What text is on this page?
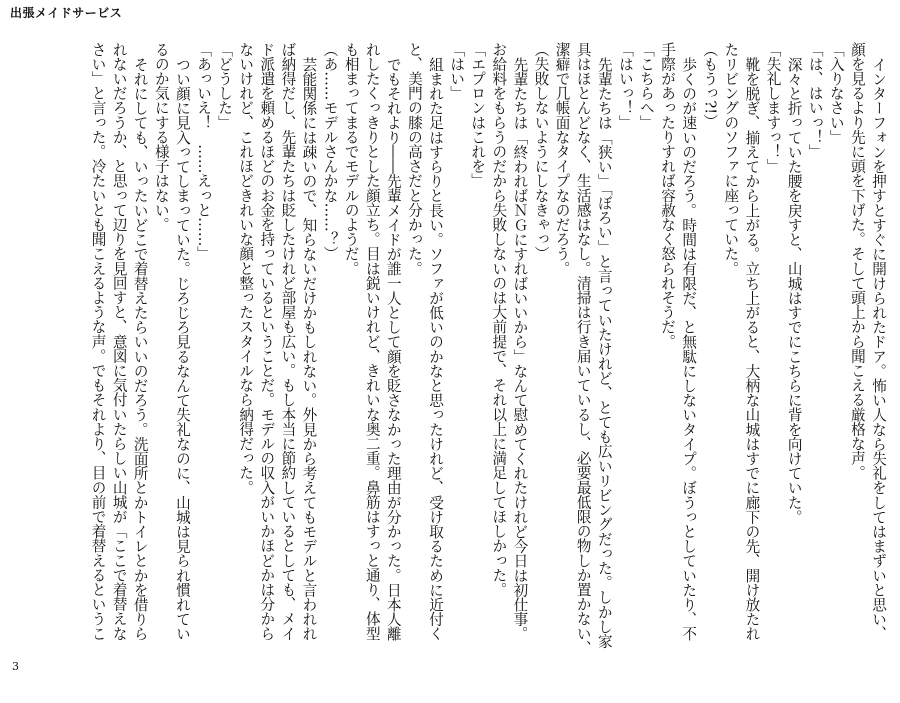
出張メイドサービス
インターフォンを押すとすぐに開けられたドア。怖い人なら失礼をしてはまずいと思い、
顔を見るより先に頭を下げた。そして頭上から聞こえる厳格な声。
「入りなさい」
「は、はいっ！」
深々と折っていた腰を戻すと、山城はすでにこちらに背を向けていた。
「失礼しますっ！」
靴を脱ぎ、揃えてから上がる。立ち上がると、大柄な山城はすでに廊下の先、開け放たれ
たリビングのソファに座っていた。
（もうっ?!）
歩くのが速いのだろう。時間は有限だ、と無駄にしないタイプ。ぼうっとしていたり、不
手際があったりすれば容赦なく怒られそうだ。
「こちらへ」
「はいっ！」
先輩たちは「狭い」「ぼろい」と言っていたけれど、とても広いリビングだった。しかし家
具はほとんどなく、生活感はなし。清掃は行き届いているし、必要最低限の物しか置かない、
潔癖で几帳面なタイプなのだろう。
（失敗しないようにしなきゃっ）
先輩たちは「終わればＮＧにすればいいから」なんて慰めてくれたけれど今日は初仕事。
お給料をもらうのだから失敗しないのは大前提で、それ以上に満足してほしかった。
「エプロンはこれを」
「はい」
組まれた足はすらりと長い。ソファが低いのかなと思ったけれど、受け取るために近付く
と、美門の膝の高さだと分かった。
でもそれより――先輩メイドが誰一人として顔を貶さなかった理由が分かった。日本人離
れしたくっきりとした顔立ち。目は鋭いけれど、きれいな奥二重。鼻筋はすっと通り、体型
も相まってまるでモデルのようだ。
（あ……モデルさんかな……？）
芸能関係には疎いので、知らないだけかもしれない。外見から考えてもモデルと言われれ
ば納得だし、先輩たちは貶したけれど部屋も広い。もし本当に節約しているとしても、メイ
ド派遣を頼めるほどのお金を持っているということだ。モデルの収入がいかほどかは分から
ないけれど、これほどきれいな顔と整ったスタイルなら納得だった。
「どうした」
「あっいえ！　……えっと……」
つい顔に見入ってしまっていた。じろじろ見るなんて失礼なのに、山城は見られ慣れてい
るのか気にする様子はない。
それにしても、いったいどこで着替えたらいいのだろう。洗面所とかトイレとかを借りら
れないだろうか、と思って辺りを見回すと、意図に気付いたらしい山城が「ここで着替えな
さい」と言った。冷たいとも聞こえるような声。でもそれより、目の前で着替えるというこ
3
